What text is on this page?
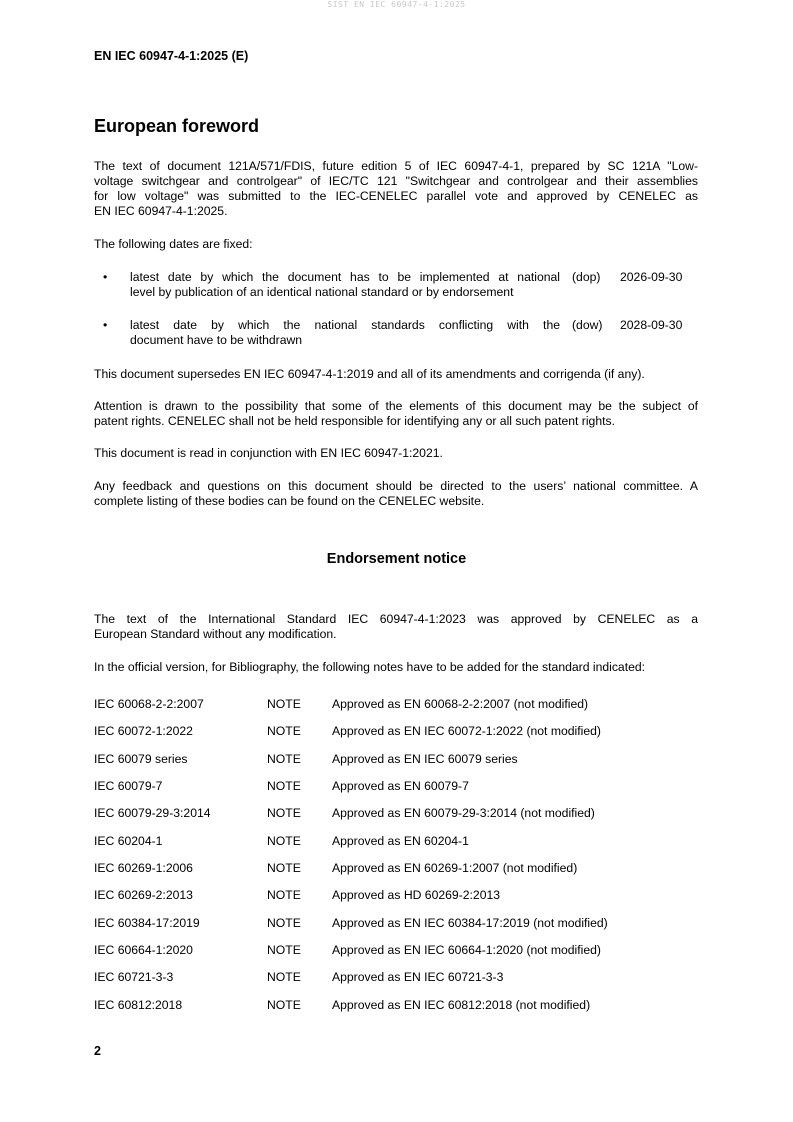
SIST EN IEC 60947-4-1:2025
EN IEC 60947-4-1:2025 (E)
European foreword
The text of document 121A/571/FDIS, future edition 5 of IEC 60947-4-1, prepared by SC 121A "Low-
voltage switchgear and controlgear" of IEC/TC 121 "Switchgear and controlgear and their assemblies
for low voltage" was submitted to the IEC-CENELEC parallel vote and approved by CENELEC as
EN IEC 60947-4-1:2025.
The following dates are fixed:
• latest date by which the document has to be implemented at national
level by publication of an identical national standard or by endorsement
(dop) 2026-09-30
• latest date by which the national standards conflicting with the
document have to be withdrawn
(dow) 2028-09-30
This document supersedes EN IEC 60947-4-1:2019 and all of its amendments and corrigenda (if any).
Attention is drawn to the possibility that some of the elements of this document may be the subject of
patent rights. CENELEC shall not be held responsible for identifying any or all such patent rights.
This document is read in conjunction with EN IEC 60947-1:2021.
Any feedback and questions on this document should be directed to the users’ national committee. A
complete listing of these bodies can be found on the CENELEC website.
Endorsement notice
The text of the International Standard IEC 60947-4-1:2023 was approved by CENELEC as a
European Standard without any modification.
In the official version, for Bibliography, the following notes have to be added for the standard indicated:
IEC 60068-2-2:2007	NOTE	Approved as EN 60068-2-2:2007 (not modified)
IEC 60072-1:2022	NOTE	Approved as EN IEC 60072-1:2022 (not modified)
IEC 60079 series	NOTE	Approved as EN IEC 60079 series
IEC 60079-7	NOTE	Approved as EN 60079-7
IEC 60079-29-3:2014	NOTE	Approved as EN 60079-29-3:2014 (not modified)
IEC 60204-1	NOTE	Approved as EN 60204-1
IEC 60269-1:2006	NOTE	Approved as EN 60269-1:2007 (not modified)
IEC 60269-2:2013	NOTE	Approved as HD 60269-2:2013
IEC 60384-17:2019	NOTE	Approved as EN IEC 60384-17:2019 (not modified)
IEC 60664-1:2020	NOTE	Approved as EN IEC 60664-1:2020 (not modified)
IEC 60721-3-3	NOTE	Approved as EN IEC 60721-3-3
IEC 60812:2018	NOTE	Approved as EN IEC 60812:2018 (not modified)
2
